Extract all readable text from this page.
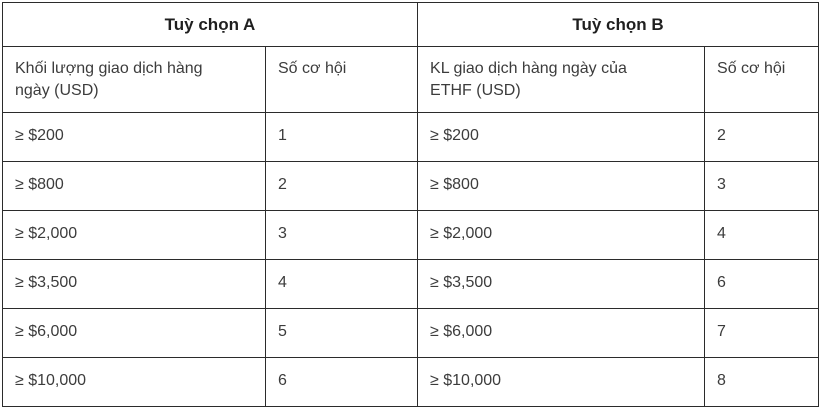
Tuỳ chọn A		Tuỳ chọn B	
Khối lượng giao dịch hàng ngày (USD)	Số cơ hội	KL giao dịch hàng ngày của ETHF (USD)	Số cơ hội
≥ $200	1	≥ $200	2
≥ $800	2	≥ $800	3
≥ $2,000	3	≥ $2,000	4
≥ $3,500	4	≥ $3,500	6
≥ $6,000	5	≥ $6,000	7
≥ $10,000	6	≥ $10,000	8
